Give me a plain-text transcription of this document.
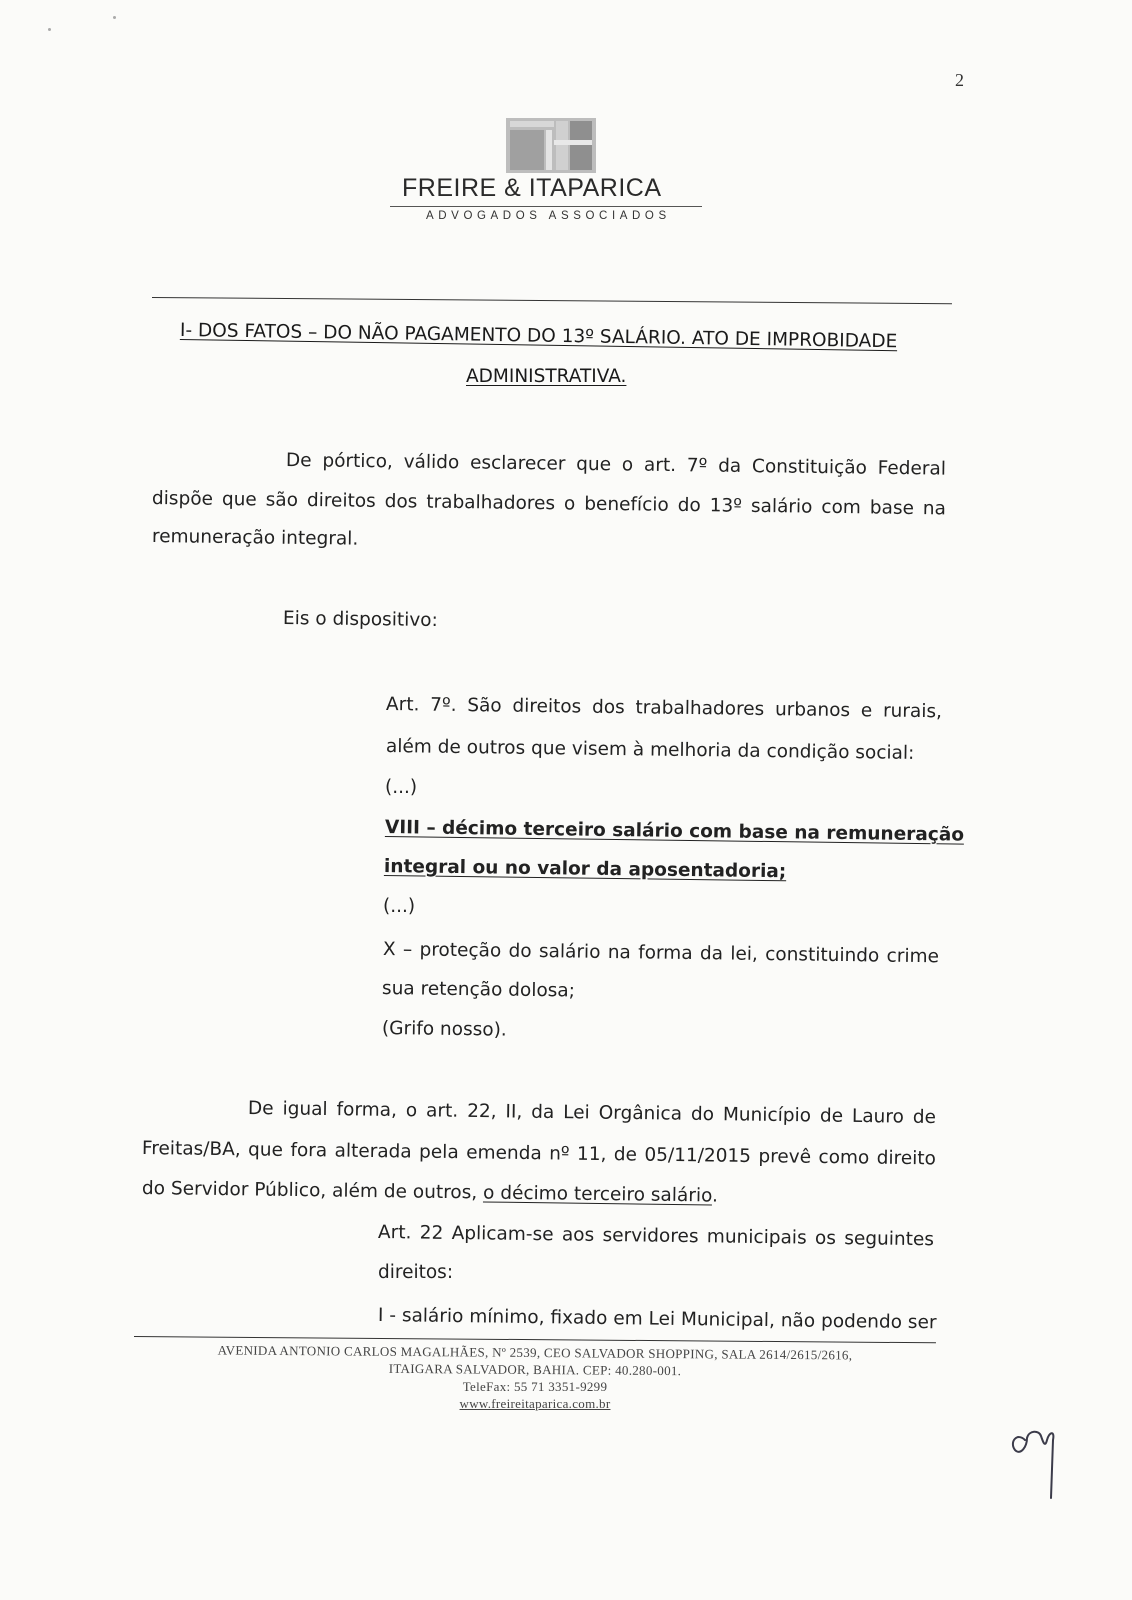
2
FREIRE & ITAPARICA
ADVOGADOS ASSOCIADOS
I- DOS FATOS – DO NÃO PAGAMENTO DO 13º SALÁRIO. ATO DE IMPROBIDADE
ADMINISTRATIVA.
De pórtico, válido esclarecer que o art. 7º da Constituição Federal
dispõe que são direitos dos trabalhadores o benefício do 13º salário com base na
remuneração integral.
Eis o dispositivo:
Art. 7º. São direitos dos trabalhadores urbanos e rurais,
além de outros que visem à melhoria da condição social:
(...)
VIII – décimo terceiro salário com base na remuneração
integral ou no valor da aposentadoria;
(...)
X – proteção do salário na forma da lei, constituindo crime
sua retenção dolosa;
(Grifo nosso).
De igual forma, o art. 22, II, da Lei Orgânica do Município de Lauro de
Freitas/BA, que fora alterada pela emenda nº 11, de 05/11/2015 prevê como direito
do Servidor Público, além de outros, o décimo terceiro salário.
Art. 22 Aplicam-se aos servidores municipais os seguintes
direitos:
I - salário mínimo, fixado em Lei Municipal, não podendo ser
AVENIDA ANTONIO CARLOS MAGALHÃES, Nº 2539, CEO SALVADOR SHOPPING, SALA 2614/2615/2616,
ITAIGARA SALVADOR, BAHIA. CEP: 40.280-001.
TeleFax: 55 71 3351-9299
www.freireitaparica.com.br
